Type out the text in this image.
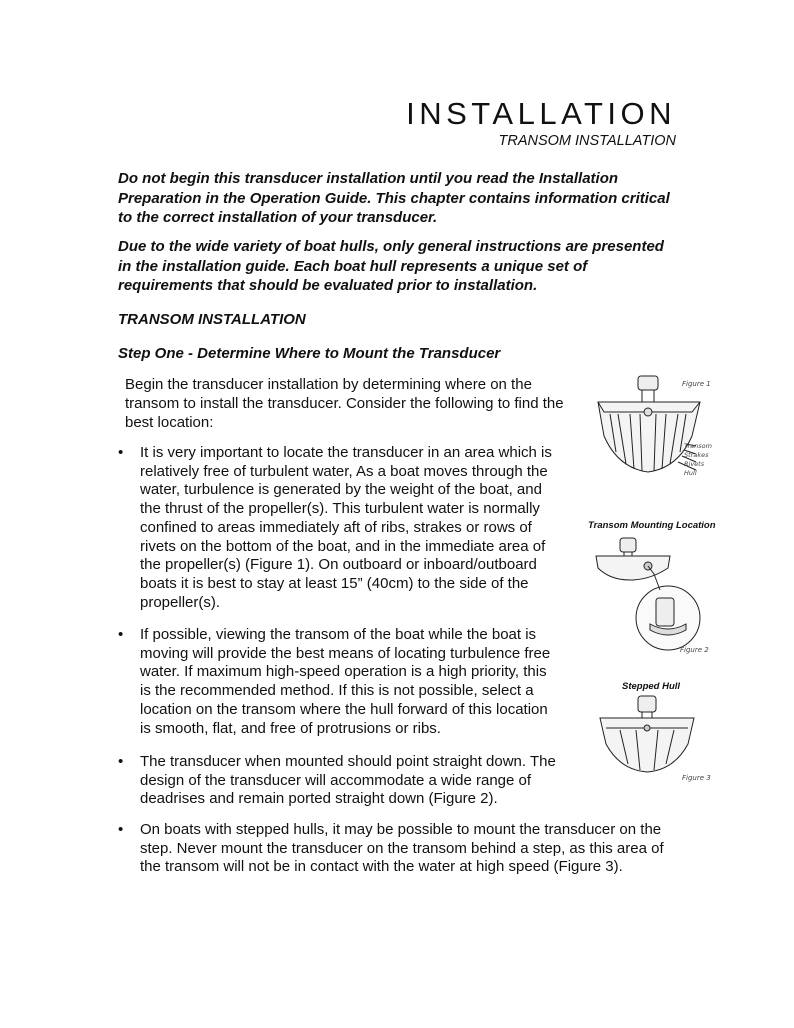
INSTALLATION

TRANSOM INSTALLATION

Do not begin this transducer installation until you read the Installation Preparation in the Operation Guide. This chapter contains information critical to the correct installation of your transducer.

Due to the wide variety of boat hulls, only general instructions are presented in the installation guide. Each boat hull represents a unique set of requirements that should be evaluated prior to installation.

TRANSOM INSTALLATION

Step One - Determine Where to Mount the Transducer

Begin the transducer installation by determining where on the transom to install the transducer. Consider the following to find the best location:

• It is very important to locate the transducer in an area which is relatively free of turbulent water, As a boat moves through the water, turbulence is generated by the weight of the boat, and the thrust of the propeller(s). This turbulent water is normally confined to areas immediately aft of ribs, strakes or rows of rivets on the bottom of the boat, and in the immediate area of the propeller(s) (Figure 1). On outboard or inboard/outboard boats it is best to stay at least 15” (40cm) to the side of the propeller(s).

• If possible, viewing the transom of the boat while the boat is moving will provide the best means of locating turbulence free water. If maximum high-speed operation is a high priority, this is the recommended method. If this is not possible, select a location on the transom where the hull forward of this location is smooth, flat, and free of protrusions or ribs.

• The transducer when mounted should point straight down. The design of the transducer will accommodate a wide range of deadrises and remain ported straight down (Figure 2).

• On boats with stepped hulls, it may be possible to mount the transducer on the step. Never mount the transducer on the transom behind a step, as this area of the transom will not be in contact with the water at high speed (Figure 3).

Figure 1
Transom
Strakes
Rivets
Hull
Transom Mounting Location
Figure 2
Stepped Hull
Figure 3
